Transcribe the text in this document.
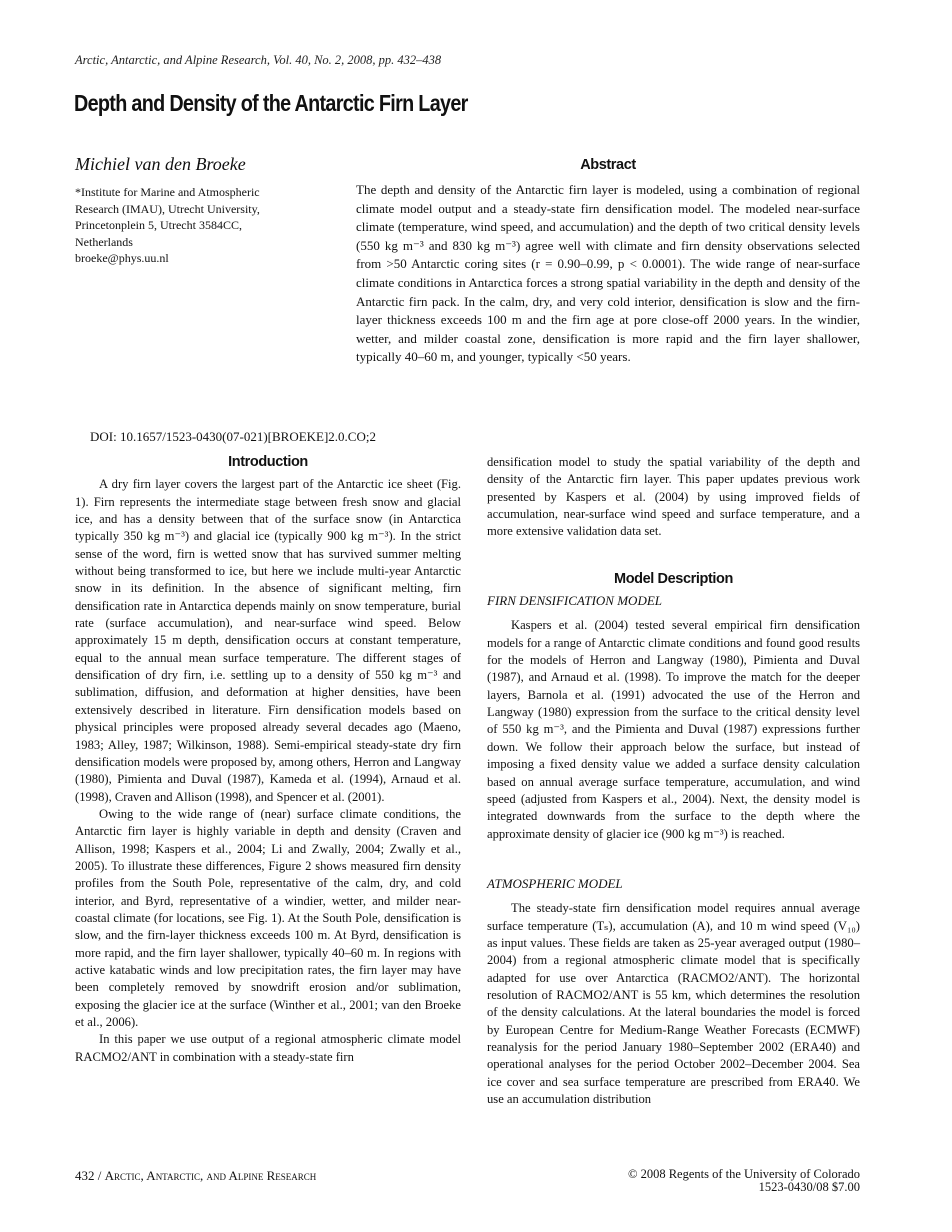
Arctic, Antarctic, and Alpine Research, Vol. 40, No. 2, 2008, pp. 432–438
Depth and Density of the Antarctic Firn Layer
Michiel van den Broeke
*Institute for Marine and Atmospheric
Research (IMAU), Utrecht University,
Princetonplein 5, Utrecht 3584CC,
Netherlands
broeke@phys.uu.nl
Abstract

The depth and density of the Antarctic firn layer is modeled, using a combination of regional climate model output and a steady-state firn densification model. The modeled near-surface climate (temperature, wind speed, and accumulation) and the depth of two critical density levels (550 kg m⁻³ and 830 kg m⁻³) agree well with climate and firn density observations selected from >50 Antarctic coring sites (r = 0.90–0.99, p < 0.0001). The wide range of near-surface climate conditions in Antarctica forces a strong spatial variability in the depth and density of the Antarctic firn pack. In the calm, dry, and very cold interior, densification is slow and the firn-layer thickness exceeds 100 m and the firn age at pore close-off 2000 years. In the windier, wetter, and milder coastal zone, densification is more rapid and the firn layer shallower, typically 40–60 m, and younger, typically <50 years.

DOI: 10.1657/1523-0430(07-021)[BROEKE]2.0.CO;2
Introduction

A dry firn layer covers the largest part of the Antarctic ice sheet (Fig. 1). Firn represents the intermediate stage between fresh snow and glacial ice, and has a density between that of the surface snow (in Antarctica typically 350 kg m⁻³) and glacial ice (typically 900 kg m⁻³). In the strict sense of the word, firn is wetted snow that has survived summer melting without being transformed to ice, but here we include multi-year Antarctic snow in its definition. In the absence of significant melting, firn densification rate in Antarctica depends mainly on snow temperature, burial rate (surface accumulation), and near-surface wind speed. Below approximately 15 m depth, densification occurs at constant temperature, equal to the annual mean surface temperature. The different stages of densification of dry firn, i.e. settling up to a density of 550 kg m⁻³ and sublimation, diffusion, and deformation at higher densities, have been extensively described in literature. Firn densification models based on physical principles were proposed already several decades ago (Maeno, 1983; Alley, 1987; Wilkinson, 1988). Semi-empirical steady-state dry firn densification models were proposed by, among others, Herron and Langway (1980), Pimienta and Duval (1987), Kameda et al. (1994), Arnaud et al. (1998), Craven and Allison (1998), and Spencer et al. (2001).

Owing to the wide range of (near) surface climate conditions, the Antarctic firn layer is highly variable in depth and density (Craven and Allison, 1998; Kaspers et al., 2004; Li and Zwally, 2004; Zwally et al., 2005). To illustrate these differences, Figure 2 shows measured firn density profiles from the South Pole, representative of the calm, dry, and cold interior, and Byrd, representative of a windier, wetter, and milder near-coastal climate (for locations, see Fig. 1). At the South Pole, densification is slow, and the firn-layer thickness exceeds 100 m. At Byrd, densification is more rapid, and the firn layer shallower, typically 40–60 m. In regions with active katabatic winds and low precipitation rates, the firn layer may have been completely removed by snowdrift erosion and/or sublimation, exposing the glacier ice at the surface (Winther et al., 2001; van den Broeke et al., 2006).

In this paper we use output of a regional atmospheric climate model RACMO2/ANT in combination with a steady-state firn

densification model to study the spatial variability of the depth and density of the Antarctic firn layer. This paper updates previous work presented by Kaspers et al. (2004) by using improved fields of accumulation, near-surface wind speed and surface temperature, and a more extensive validation data set.

Model Description
FIRN DENSIFICATION MODEL

Kaspers et al. (2004) tested several empirical firn densification models for a range of Antarctic climate conditions and found good results for the models of Herron and Langway (1980), Pimienta and Duval (1987), and Arnaud et al. (1998). To improve the match for the deeper layers, Barnola et al. (1991) advocated the use of the Herron and Langway (1980) expression from the surface to the critical density level of 550 kg m⁻³, and the Pimienta and Duval (1987) expressions further down. We follow their approach below the surface, but instead of imposing a fixed density value we added a surface density calculation based on annual average surface temperature, accumulation, and wind speed (adjusted from Kaspers et al., 2004). Next, the density model is integrated downwards from the surface to the depth where the approximate density of glacier ice (900 kg m⁻³) is reached.

ATMOSPHERIC MODEL

The steady-state firn densification model requires annual average surface temperature (Tₛ), accumulation (A), and 10 m wind speed (V₁₀) as input values. These fields are taken as 25-year averaged output (1980–2004) from a regional atmospheric climate model that is specifically adapted for use over Antarctica (RACMO2/ANT). The horizontal resolution of RACMO2/ANT is 55 km, which determines the resolution of the density calculations. At the lateral boundaries the model is forced by European Centre for Medium-Range Weather Forecasts (ECMWF) reanalysis for the period January 1980–September 2002 (ERA40) and operational analyses for the period October 2002–December 2004. Sea ice cover and sea surface temperature are prescribed from ERA40. We use an accumulation distribution

432 / Arctic, Antarctic, and Alpine Research	© 2008 Regents of the University of Colorado
1523-0430/08 $7.00
